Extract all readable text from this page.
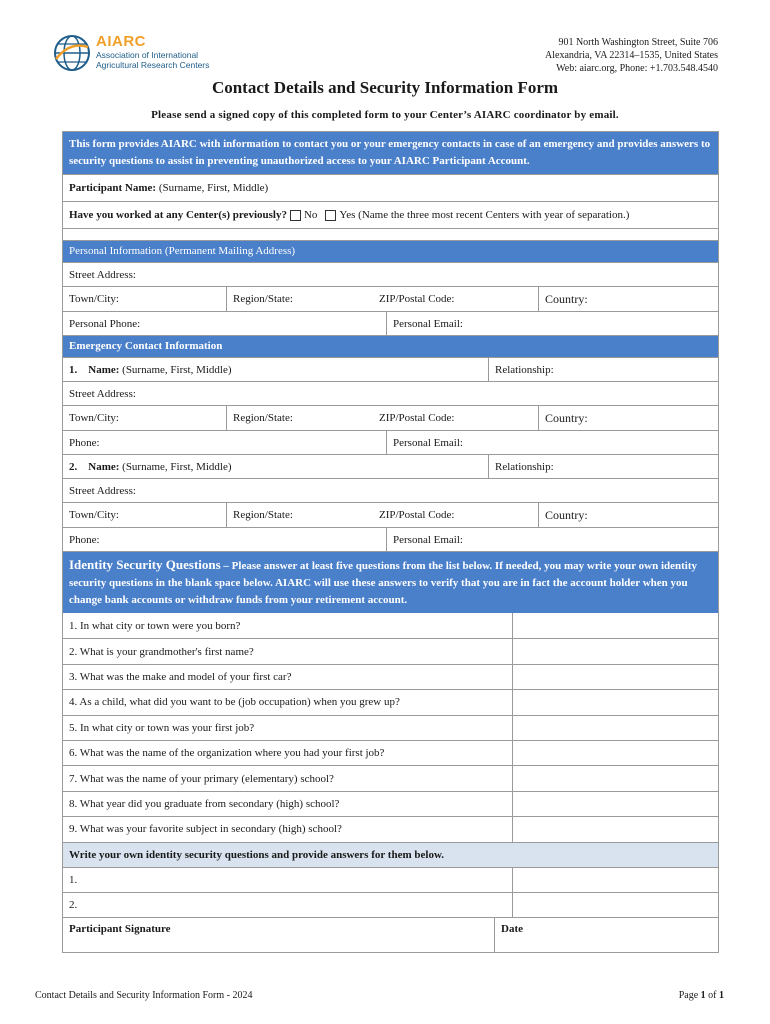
AIARC
Association of International
Agricultural Research Centers
901 North Washington Street, Suite 706
Alexandria, VA 22314–1535, United States
Web: aiarc.org, Phone: +1.703.548.4540
Contact Details and Security Information Form
Please send a signed copy of this completed form to your Center’s AIARC coordinator by email.
This form provides AIARC with information to contact you or your emergency contacts in case of an emergency and provides answers to security questions to assist in preventing unauthorized access to your AIARC Participant Account.
Participant Name:
(Surname, First, Middle)
Have you worked at any Center(s) previously? No Yes (Name the three most recent Centers with year of separation.)
Personal Information (Permanent Mailing Address)
Street Address:
Town/City:	Region/State:	ZIP/Postal Code:	Country:
Personal Phone:	Personal Email:
Emergency Contact Information
1.
Name:
(Surname, First, Middle)	Relationship:
Street Address:
Town/City:	Region/State:	ZIP/Postal Code:	Country:
Phone:	Personal Email:
2.
Name:
(Surname, First, Middle)	Relationship:
Street Address:
Town/City:	Region/State:	ZIP/Postal Code:	Country:
Phone:	Personal Email:
Identity Security Questions – Please answer at least five questions from the list below. If needed, you may write your own identity security questions in the blank space below. AIARC will use these answers to verify that you are in fact the account holder when you change bank accounts or withdraw funds from your retirement account.
1. In what city or town were you born?
2. What is your grandmother's first name?
3. What was the make and model of your first car?
4. As a child, what did you want to be (job occupation) when you grew up?
5. In what city or town was your first job?
6. What was the name of the organization where you had your first job?
7. What was the name of your primary (elementary) school?
8. What year did you graduate from secondary (high) school?
9. What was your favorite subject in secondary (high) school?
Write your own identity security questions and provide answers for them below.
1.
2.
Participant Signature	Date
Contact Details and Security Information Form - 2024	Page 1 of 1
